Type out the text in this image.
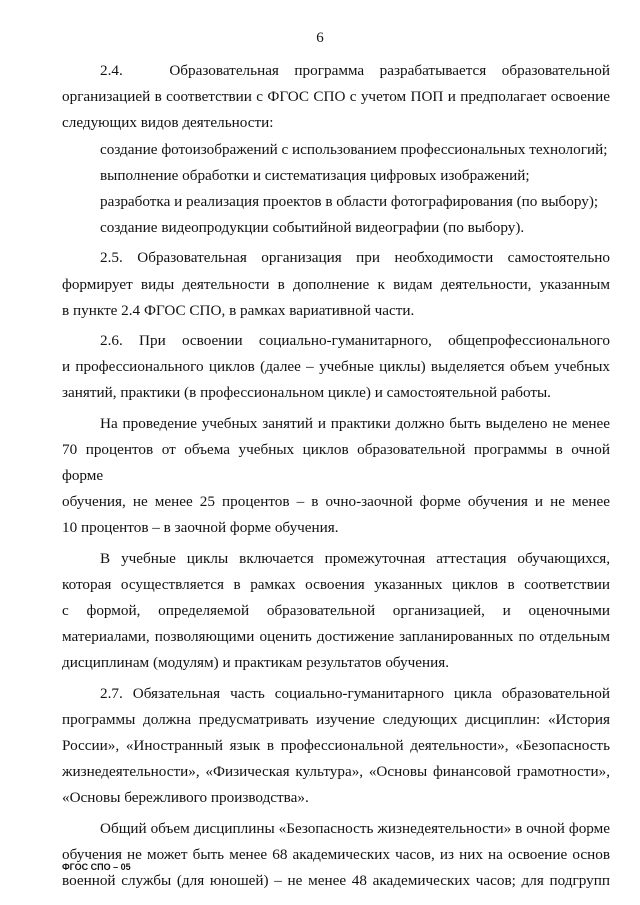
6
2.4.   Образовательная программа разрабатывается образовательной
организацией в соответствии с ФГОС СПО с учетом ПОП и предполагает освоение
следующих видов деятельности:
создание фотоизображений с использованием профессиональных технологий;
выполнение обработки и систематизация цифровых изображений;
разработка и реализация проектов в области фотографирования (по выбору);
создание видеопродукции событийной видеографии (по выбору).
2.5. Образовательная организация при необходимости самостоятельно
формирует виды деятельности в дополнение к видам деятельности, указанным
в пункте 2.4 ФГОС СПО, в рамках вариативной части.
2.6. При освоении социально-гуманитарного, общепрофессионального
и профессионального циклов (далее – учебные циклы) выделяется объем учебных
занятий, практики (в профессиональном цикле) и самостоятельной работы.
На проведение учебных занятий и практики должно быть выделено не менее
70 процентов от объема учебных циклов образовательной программы в очной форме
обучения, не менее 25 процентов – в очно-заочной форме обучения и не менее
10 процентов – в заочной форме обучения.
В учебные циклы включается промежуточная аттестация обучающихся,
которая осуществляется в рамках освоения указанных циклов в соответствии
с формой, определяемой образовательной организацией, и оценочными
материалами, позволяющими оценить достижение запланированных по отдельным
дисциплинам (модулям) и практикам результатов обучения.
2.7. Обязательная часть социально-гуманитарного цикла образовательной
программы должна предусматривать изучение следующих дисциплин: «История
России», «Иностранный язык в профессиональной деятельности», «Безопасность
жизнедеятельности», «Физическая культура», «Основы финансовой грамотности»,
«Основы бережливого производства».
Общий объем дисциплины «Безопасность жизнедеятельности» в очной форме
обучения не может быть менее 68 академических часов, из них на освоение основ
военной службы (для юношей) – не менее 48 академических часов; для подгрупп
ФГОС СПО – 05
